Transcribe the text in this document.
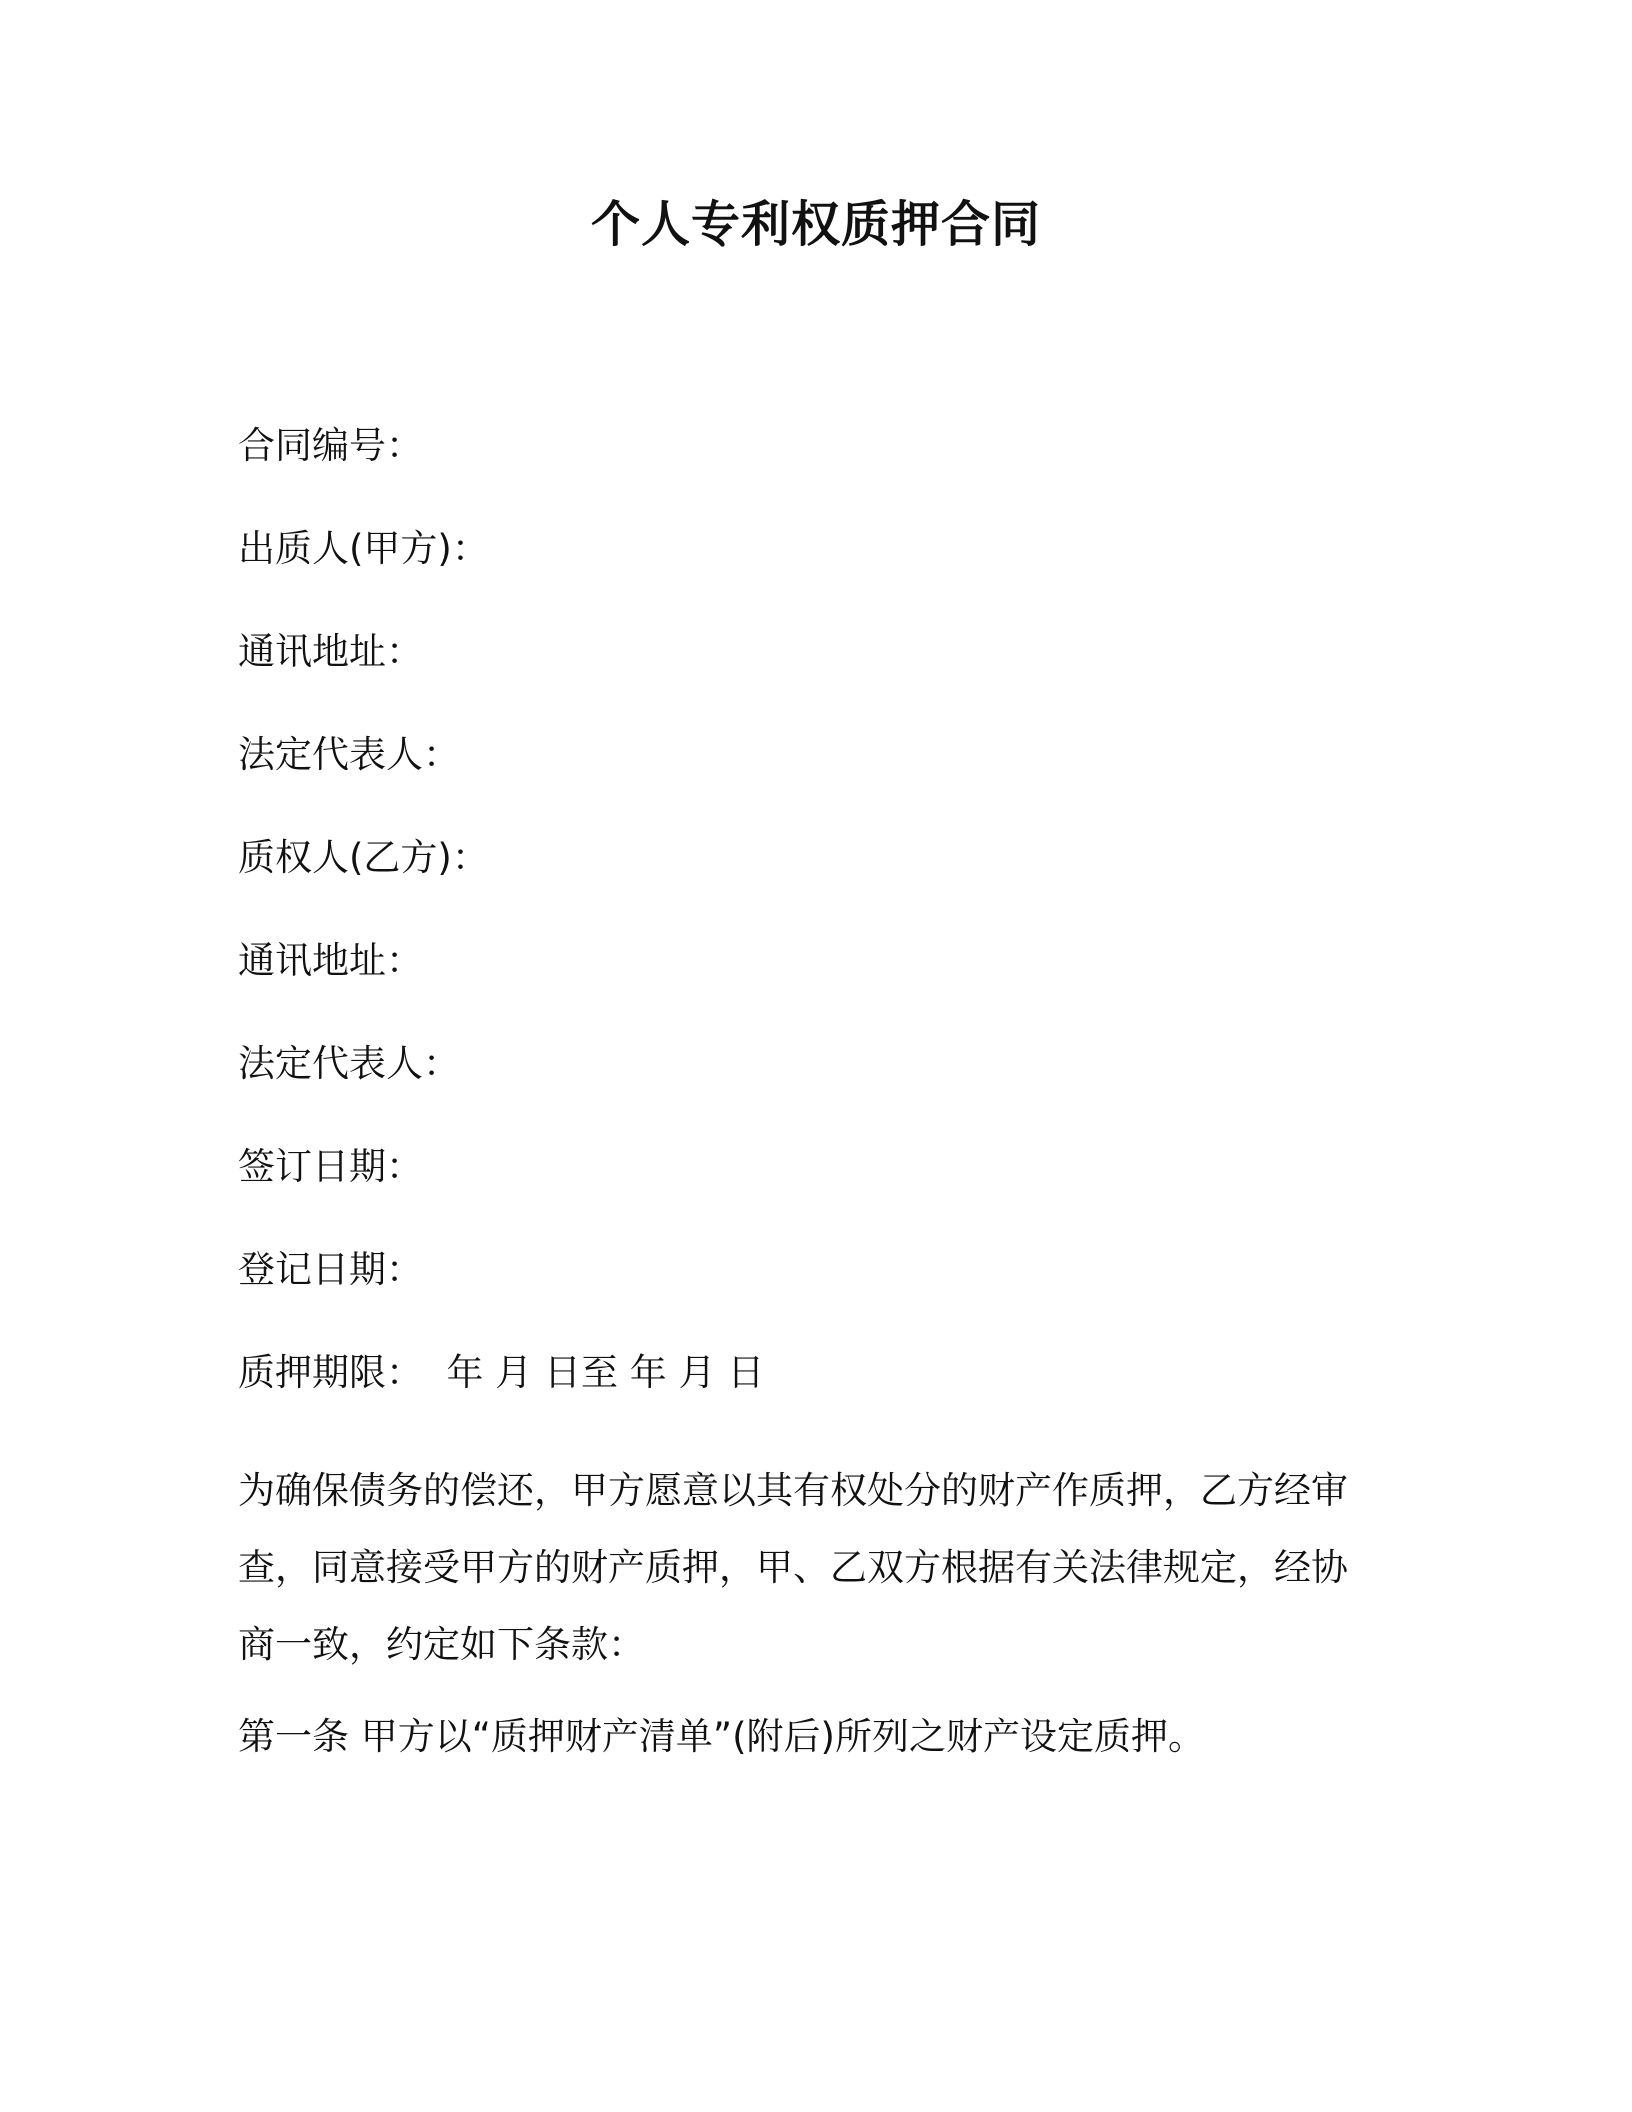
个人专利权质押合同
合同编号：
出质人(甲方)：
通讯地址：
法定代表人：
质权人(乙方)：
通讯地址：
法定代表人：
签订日期：
登记日期：
质押期限：  年 月 日至 年 月 日

为确保债务的偿还，甲方愿意以其有权处分的财产作质押，乙方经审查，同意接受甲方的财产质押，甲、乙双方根据有关法律规定，经协商一致，约定如下条款：

第一条 甲方以“质押财产清单”(附后)所列之财产设定质押。
